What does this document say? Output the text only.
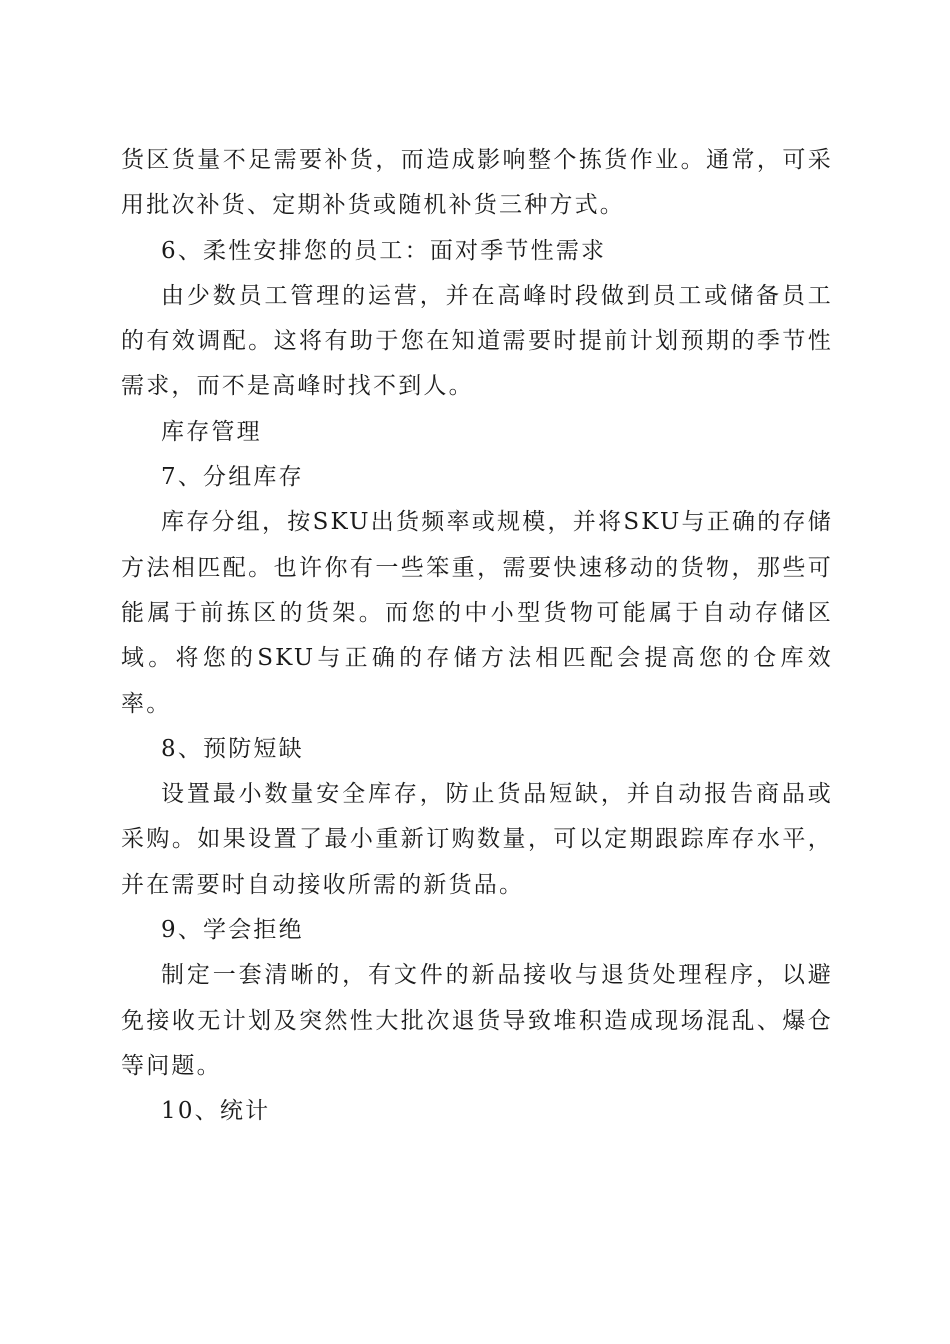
货区货量不足需要补货，而造成影响整个拣货作业。通常，可采用批次补货、定期补货或随机补货三种方式。

6、柔性安排您的员工：面对季节性需求

由少数员工管理的运营，并在高峰时段做到员工或储备员工的有效调配。这将有助于您在知道需要时提前计划预期的季节性需求，而不是高峰时找不到人。

库存管理

7、分组库存

库存分组，按SKU出货频率或规模，并将SKU与正确的存储方法相匹配。也许你有一些笨重，需要快速移动的货物，那些可能属于前拣区的货架。而您的中小型货物可能属于自动存储区域。将您的SKU与正确的存储方法相匹配会提高您的仓库效率。

8、预防短缺

设置最小数量安全库存，防止货品短缺，并自动报告商品或采购。如果设置了最小重新订购数量，可以定期跟踪库存水平，并在需要时自动接收所需的新货品。

9、学会拒绝

制定一套清晰的，有文件的新品接收与退货处理程序，以避免接收无计划及突然性大批次退货导致堆积造成现场混乱、爆仓等问题。

10、统计
